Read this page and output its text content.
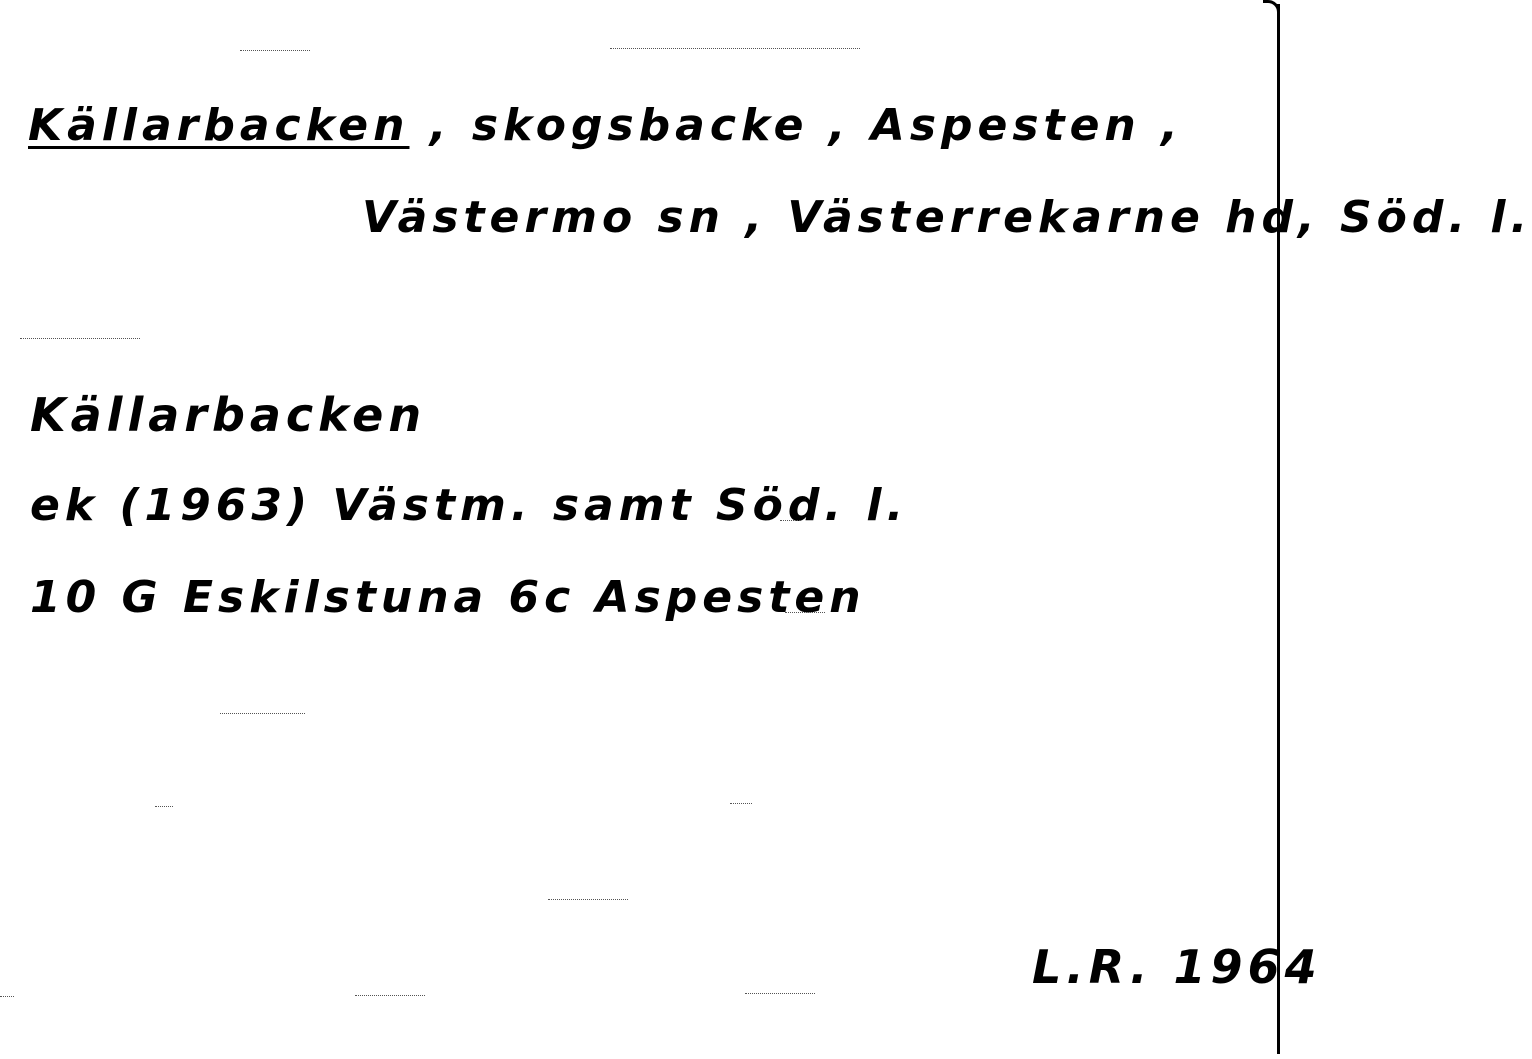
Källarbacken , skogsbacke , Aspesten ,
Västermo sn , Västerrekarne hd, Söd. l.
Källarbacken
ek (1963) Västm. samt Söd. l.
10 G Eskilstuna 6c Aspesten
L.R. 1964
